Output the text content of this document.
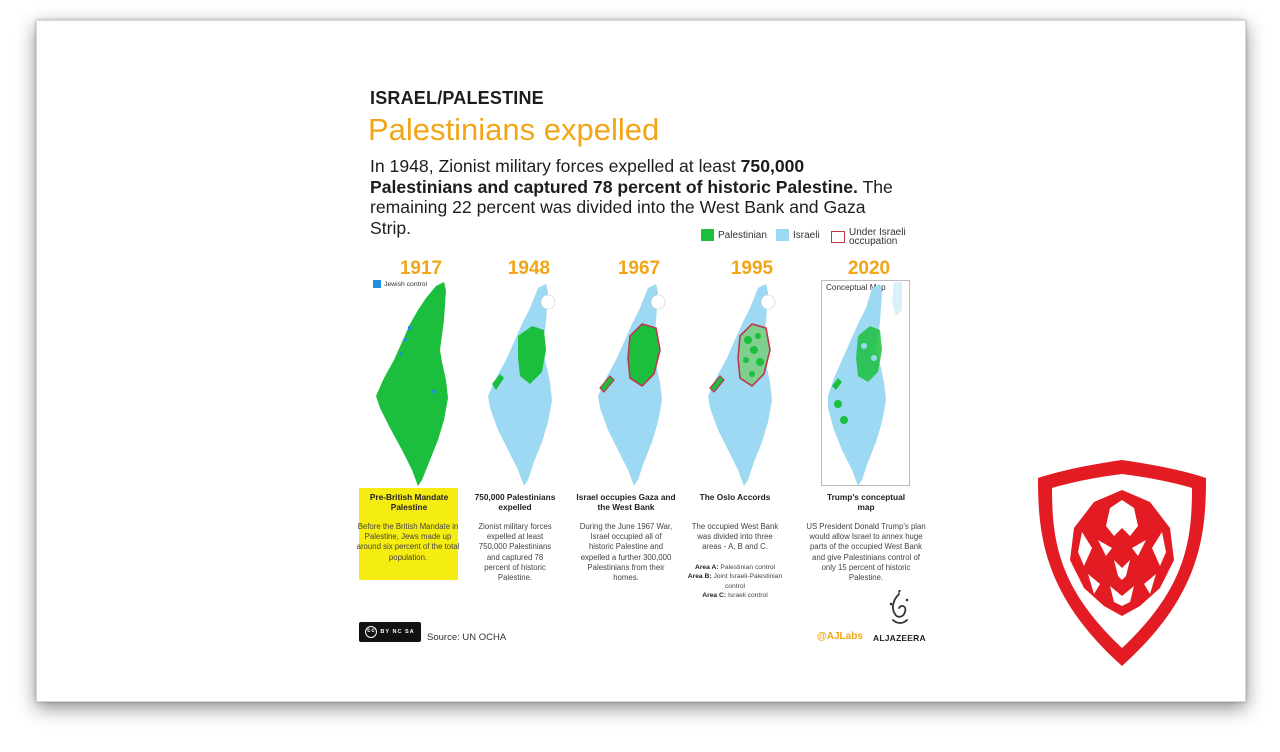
ISRAEL/PALESTINE
Palestinians expelled
In 1948, Zionist military forces expelled at least 750,000 Palestinians and captured 78 percent of historic Palestine. The remaining 22 percent was divided into the West Bank and Gaza Strip.	Palestinian	Israeli	Under Israeli
occupation
1917	1948	1967	1995	2020
Jewish control	Conceptual Map
Pre-British Mandate Palestine
Before the British Mandate in Palestine, Jews made up around six percent of the total population.
750,000 Palestinians expelled
Zionist military forces expelled at least 750,000 Palestinians and captured 78 percent of historic Palestine.
Israel occupies Gaza and the West Bank
During the June 1967 War, Israel occupied all of historic Palestine and expelled a further 300,000 Palestinians from their homes.
The Oslo Accords
The occupied West Bank was divided into three areas - A, B and C.
Area A: Palestinian control
Area B: Joint Israeli-Palestinian control
Area C: Israeli control
Trump's conceptual map
US President Donald Trump's plan would allow Israel to annex huge parts of the occupied West Bank and give Palestinians control of only 15 percent of historic Palestine.
cc BY NC SA Source: UN OCHA	@AJLabs ALJAZEERA
